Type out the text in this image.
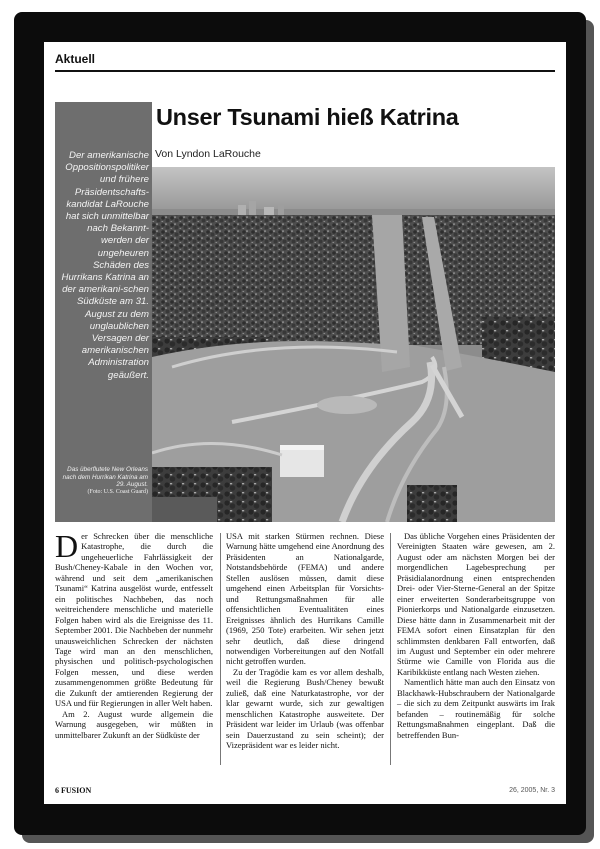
Aktuell
Der amerikanische Oppositionspolitiker und frühere Präsidentschafts-kandidat LaRouche hat sich unmittelbar nach Bekannt-werden der ungeheuren Schäden des Hurrikans Katrina an der amerikani-schen Südküste am 31. August zu dem unglaublichen Versagen der amerikanischen Administration geäußert.
Unser Tsunami hieß Katrina
Von Lyndon LaRouche
Das überflutete New Orleans nach dem Hurrikan Katrina am 29. August.
(Foto: U.S. Coast Guard)

Der Schrecken über die menschliche Katastrophe, die durch die ungeheuerliche Fahrlässigkeit der Bush/Cheney-Kabale in den Wochen vor, während und seit dem „amerikanischen Tsunami“ Katrina ausgelöst wurde, entfesselt ein politisches Nachbeben, das noch weitreichendere menschliche und materielle Folgen haben wird als die Ereignisse des 11. September 2001. Die Nachbeben der nunmehr unausweichlichen Schrecken der nächsten Tage wird man an den menschlichen, physischen und politisch-psychologischen Folgen messen, und diese werden zusammengenommen größte Bedeutung für die Zukunft der amtierenden Regierung der USA und für Regierungen in aller Welt haben.

Am 2. August wurde allgemein die Warnung ausgegeben, wir müßten in unmittelbarer Zukunft an der Südküste der

USA mit starken Stürmen rechnen. Diese Warnung hätte umgehend eine Anordnung des Präsidenten an Nationalgarde, Notstandsbehörde (FEMA) und andere Stellen auslösen müssen, damit diese umgehend einen Arbeitsplan für Vorsichts- und Rettungsmaßnahmen für alle offensichtlichen Eventualitäten eines Ereignisses ähnlich des Hurrikans Camille (1969, 250 Tote) erarbeiten. Wir sehen jetzt sehr deutlich, daß diese dringend notwendigen Vorbereitungen auf den Notfall nicht getroffen wurden.

Zu der Tragödie kam es vor allem deshalb, weil die Regierung Bush/Cheney bewußt zuließ, daß eine Naturkatastrophe, vor der klar gewarnt wurde, sich zur gewaltigen menschlichen Katastrophe ausweitete. Der Präsident war leider im Urlaub (was offenbar sein Dauerzustand zu sein scheint); der Vizepräsident war es leider nicht.

Das übliche Vorgehen eines Präsidenten der Vereinigten Staaten wäre gewesen, am 2. August oder am nächsten Morgen bei der morgendlichen Lagebesprechung per Präsidialanordnung einen entsprechenden Drei- oder Vier-Sterne-General an der Spitze einer erweiterten Sonderarbeitsgruppe von Pionierkorps und Nationalgarde einzusetzen. Diese hätte dann in Zusammenarbeit mit der FEMA sofort einen Einsatzplan für den schlimmsten denkbaren Fall entworfen, daß im August und September ein oder mehrere Stürme wie Camille von Florida aus die Karibikküste entlang nach Westen ziehen.

Namentlich hätte man auch den Einsatz von Blackhawk-Hubschraubern der Nationalgarde – die sich zu dem Zeitpunkt auswärts im Irak befanden – routinemäßig für solche Rettungsmaßnahmen eingeplant. Daß die betreffenden Bun-

6 FUSION	26, 2005, Nr. 3
